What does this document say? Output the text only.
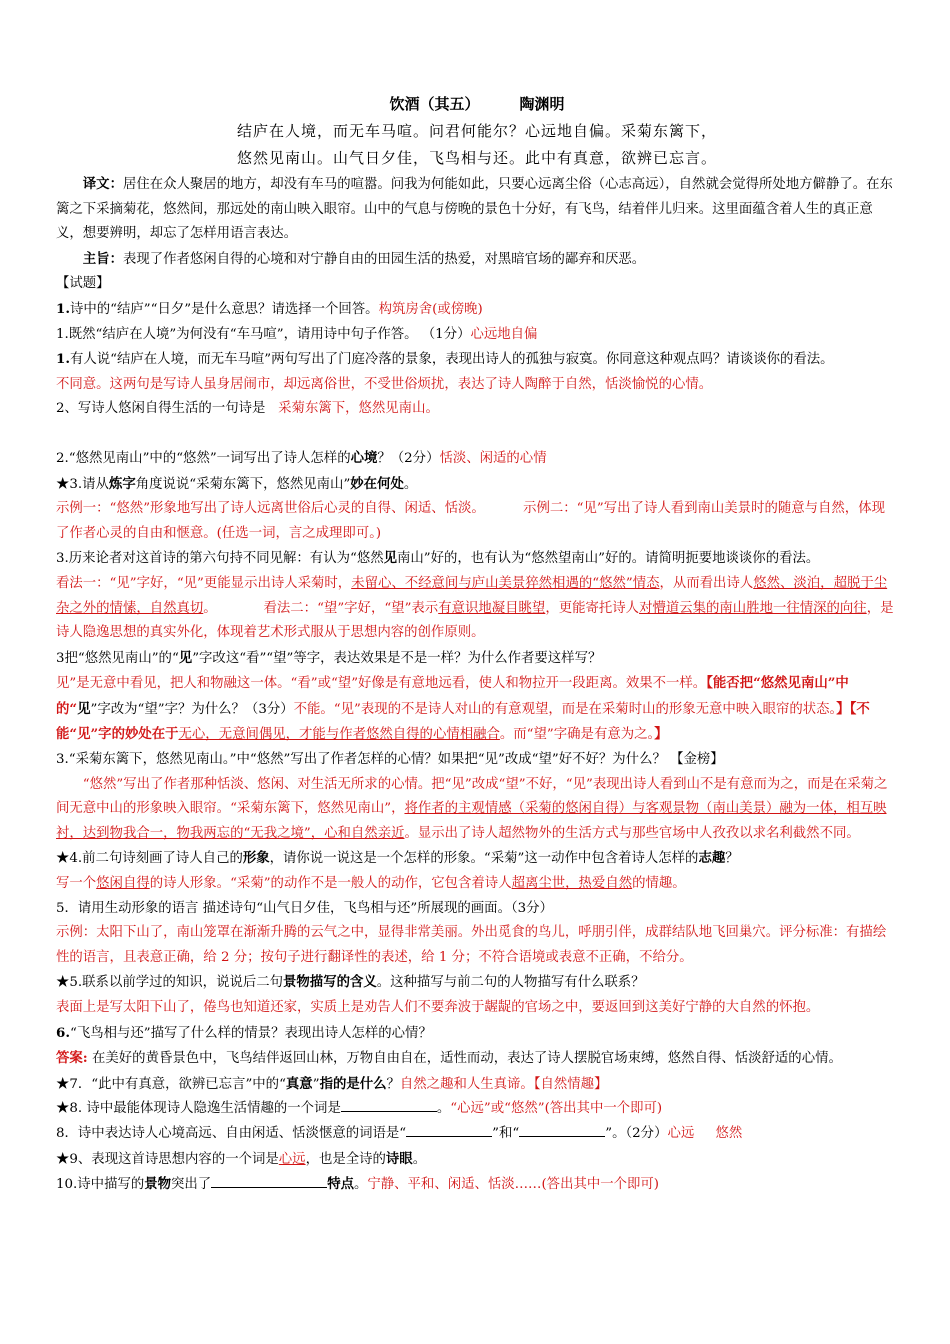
饮酒（其五）	陶渊明
结庐在人境，而无车马喧。问君何能尔？心远地自偏。采菊东篱下，
悠然见南山。山气日夕佳，飞鸟相与还。此中有真意，欲辨已忘言。

译文：居住在众人聚居的地方，却没有车马的喧嚣。问我为何能如此，只要心远离尘俗（心志高远），自然就会觉得所处地方僻静了。在东篱之下采摘菊花，悠然间，那远处的南山映入眼帘。山中的气息与傍晚的景色十分好，有飞鸟，结着伴儿归来。这里面蕴含着人生的真正意义，想要辨明，却忘了怎样用语言表达。

主旨：表现了作者悠闲自得的心境和对宁静自由的田园生活的热爱，对黑暗官场的鄙弃和厌恶。

【试题】

1.诗中的“结庐”“日夕”是什么意思？请选择一个回答。构筑房舍(或傍晚)

1.既然“结庐在人境”为何没有“车马喧”，请用诗中句子作答。 （1分）心远地自偏

1.有人说“结庐在人境，而无车马喧”两句写出了门庭冷落的景象，表现出诗人的孤独与寂寞。你同意这种观点吗？请谈谈你的看法。

不同意。这两句是写诗人虽身居闹市，却远离俗世，不受世俗烦扰，表达了诗人陶醉于自然，恬淡愉悦的心情。

2、写诗人悠闲自得生活的一句诗是 采菊东篱下，悠然见南山。

2.“悠然见南山”中的“悠然”一词写出了诗人怎样的心境？（2分）恬淡、闲适的心情

★3.请从炼字角度说说“采菊东篱下，悠然见南山”妙在何处。

示例一：“悠然”形象地写出了诗人远离世俗后心灵的自得、闲适、恬淡。	示例二：“见”写出了诗人看到南山美景时的随意与自然，体现了作者心灵的自由和惬意。(任选一词，言之成理即可。)

3.历来论者对这首诗的第六句持不同见解：有认为“悠然见南山”好的，也有认为“悠然望南山”好的。请简明扼要地谈谈你的看法。

看法一：“见”字好，“见”更能显示出诗人采菊时，未留心、不经意间与庐山美景猝然相遇的“悠然”情态，从而看出诗人悠然、淡泊，超脱于尘杂之外的情愫，自然真切。	看法二：“望”字好，“望”表示有意识地凝目眺望，更能寄托诗人对懵道云集的南山胜地一往情深的向往，是诗人隐逸思想的真实外化，体现着艺术形式服从于思想内容的创作原则。

3把“悠然见南山”的“见”字改这“看”“望”等字，表达效果是不是一样？为什么作者要这样写？

见”是无意中看见，把人和物融这一体。“看”或“望”好像是有意地远看，使人和物拉开一段距离。效果不一样。【能否把“悠然见南山”中的“见”字改为“望”字？为什么？（3分）不能。“见”表现的不是诗人对山的有意观望，而是在采菊时山的形象无意中映入眼帘的状态。】【不能“见”字的妙处在于无心，无意间偶见，才能与作者悠然自得的心情相融合。而“望”字确是有意为之。】

3.“采菊东篱下，悠然见南山。”中“悠然”写出了作者怎样的心情？如果把“见”改成“望”好不好？为什么？ 【金榜】

“悠然”写出了作者那种恬淡、悠闲、对生活无所求的心情。把“见”改成“望”不好，“见”表现出诗人看到山不是有意而为之，而是在采菊之间无意中山的形象映入眼帘。“采菊东篱下，悠然见南山”，将作者的主观情感（采菊的悠闲自得）与客观景物（南山美景）融为一体，相互映衬，达到物我合一，物我两忘的“无我之境”，心和自然亲近。显示出了诗人超然物外的生活方式与那些官场中人孜孜以求名利截然不同。

★4.前二句诗刻画了诗人自己的形象，请你说一说这是一个怎样的形象。“采菊”这一动作中包含着诗人怎样的志趣？

写一个悠闲自得的诗人形象。“采菊”的动作不是一般人的动作，它包含着诗人超离尘世，热爱自然的情趣。

5．请用生动形象的语言 描述诗句“山气日夕佳，飞鸟相与还”所展现的画面。（3分）

示例：太阳下山了，南山笼罩在渐渐升腾的云气之中，显得非常美丽。外出觅食的鸟儿，呼朋引伴，成群结队地飞回巢穴。评分标准：有描绘性的语言，且表意正确，给 2 分；按句子进行翻译性的表述，给 1 分；不符合语境或表意不正确，不给分。

★5.联系以前学过的知识，说说后二句景物描写的含义。这种描写与前二句的人物描写有什么联系？

表面上是写太阳下山了，倦鸟也知道还家，实质上是劝告人们不要奔波于龌龊的官场之中，要返回到这美好宁静的大自然的怀抱。

6.“飞鸟相与还”描写了什么样的情景？表现出诗人怎样的心情？

答案: 在美好的黄昏景色中，飞鸟结伴返回山林，万物自由自在，适性而动，表达了诗人摆脱官场束缚，悠然自得、恬淡舒适的心情。

★7．“此中有真意，欲辨已忘言”中的“真意”指的是什么？自然之趣和人生真谛。【自然情趣】

★8. 诗中最能体现诗人隐逸生活情趣的一个词是	。“心远”或“悠然”(答出其中一个即可)

8．诗中表达诗人心境高远、自由闲适、恬淡惬意的词语是“	”和“	”。（2分）心远 悠然

★9、表现这首诗思想内容的一个词是心远，也是全诗的诗眼。

10.诗中描写的景物突出了	特点。宁静、平和、闲适、恬淡……(答出其中一个即可)
